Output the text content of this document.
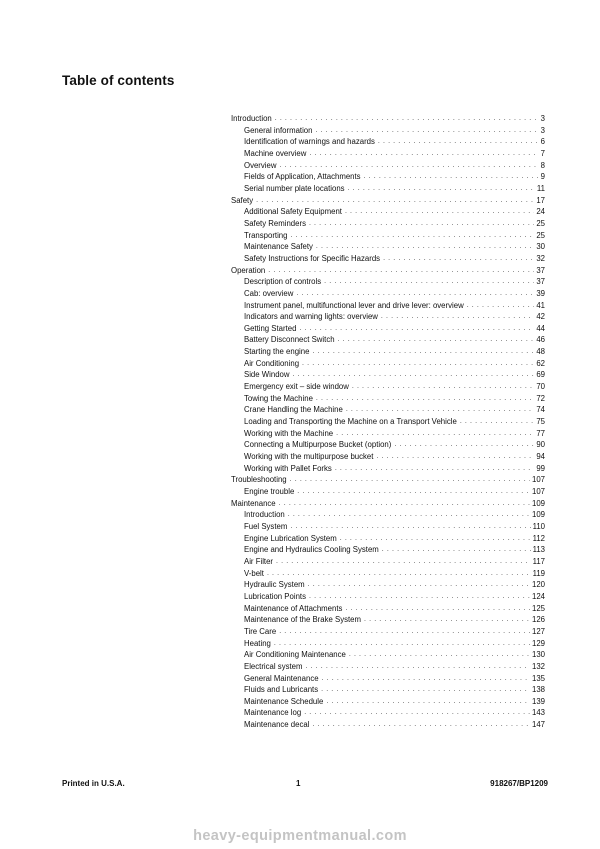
Table of contents
Introduction . . .	3
General information . . .	3
Identification of warnings and hazards . . .	6
Machine overview . . .	7
Overview . . .	8
Fields of Application, Attachments . . .	9
Serial number plate locations . . .	11
Safety . . .	17
Additional Safety Equipment . . .	24
Safety Reminders . . .	25
Transporting . . .	25
Maintenance Safety . . .	30
Safety Instructions for Specific Hazards . . .	32
Operation . . .	37
Description of controls . . .	37
Cab: overview . . .	39
Instrument panel, multifunctional lever and drive lever: overview . . .	41
Indicators and warning lights: overview . . .	42
Getting Started . . .	44
Battery Disconnect Switch . . .	46
Starting the engine . . .	48
Air Conditioning . . .	62
Side Window . . .	69
Emergency exit – side window . . .	70
Towing the Machine . . .	72
Crane Handling the Machine . . .	74
Loading and Transporting the Machine on a Transport Vehicle . . .	75
Working with the Machine . . .	77
Connecting a Multipurpose Bucket (option) . . .	90
Working with the multipurpose bucket . . .	94
Working with Pallet Forks . . .	99
Troubleshooting . . .	107
Engine trouble . . .	107
Maintenance . . .	109
Introduction . . .	109
Fuel System . . .	110
Engine Lubrication System . . .	112
Engine and Hydraulics Cooling System . . .	113
Air Filter . . .	117
V-belt . . .	119
Hydraulic System . . .	120
Lubrication Points . . .	124
Maintenance of Attachments . . .	125
Maintenance of the Brake System . . .	126
Tire Care . . .	127
Heating . . .	129
Air Conditioning Maintenance . . .	130
Electrical system . . .	132
General Maintenance . . .	135
Fluids and Lubricants . . .	138
Maintenance Schedule . . .	139
Maintenance log . . .	143
Maintenance decal . . .	147
Printed in U.S.A.	1	918267/BP1209
heavy-equipmentmanual.com
